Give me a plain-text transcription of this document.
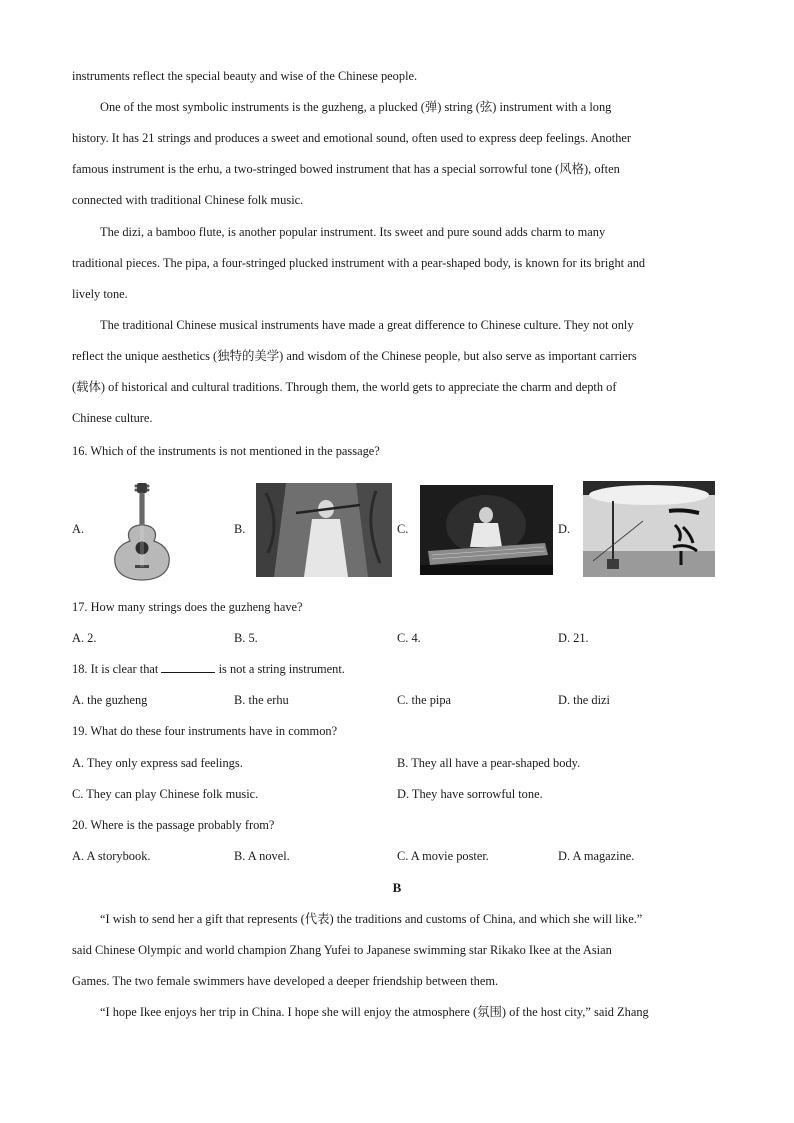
instruments reflect the special beauty and wise of the Chinese people.
One of the most symbolic instruments is the guzheng, a plucked (弹) string (弦) instrument with a long
history. It has 21 strings and produces a sweet and emotional sound, often used to express deep feelings. Another
famous instrument is the erhu, a two-stringed bowed instrument that has a special sorrowful tone (风格), often
connected with traditional Chinese folk music.
The dizi, a bamboo flute, is another popular instrument. Its sweet and pure sound adds charm to many
traditional pieces. The pipa, a four-stringed plucked instrument with a pear-shaped body, is known for its bright and
lively tone.
The traditional Chinese musical instruments have made a great difference to Chinese culture. They not only
reflect the unique aesthetics (独特的美学) and wisdom of the Chinese people, but also serve as important carriers
(载体) of historical and cultural traditions. Through them, the world gets to appreciate the charm and depth of
Chinese culture.
16. Which of the instruments is not mentioned in the passage?
A.	B.	C.	D.
17. How many strings does the guzheng have?
A. 2.	B. 5.	C. 4.	D. 21.
18. It is clear that	is not a string instrument.
A. the guzheng	B. the erhu	C. the pipa	D. the dizi
19. What do these four instruments have in common?
A. They only express sad feelings.	B. They all have a pear-shaped body.
C. They can play Chinese folk music.	D. They have sorrowful tone.
20. Where is the passage probably from?
A. A storybook.	B. A novel.	C. A movie poster.	D. A magazine.
B
“I wish to send her a gift that represents (代表) the traditions and customs of China, and which she will like.”
said Chinese Olympic and world champion Zhang Yufei to Japanese swimming star Rikako Ikee at the Asian
Games. The two female swimmers have developed a deeper friendship between them.
“I hope Ikee enjoys her trip in China. I hope she will enjoy the atmosphere (氛围) of the host city,” said Zhang
